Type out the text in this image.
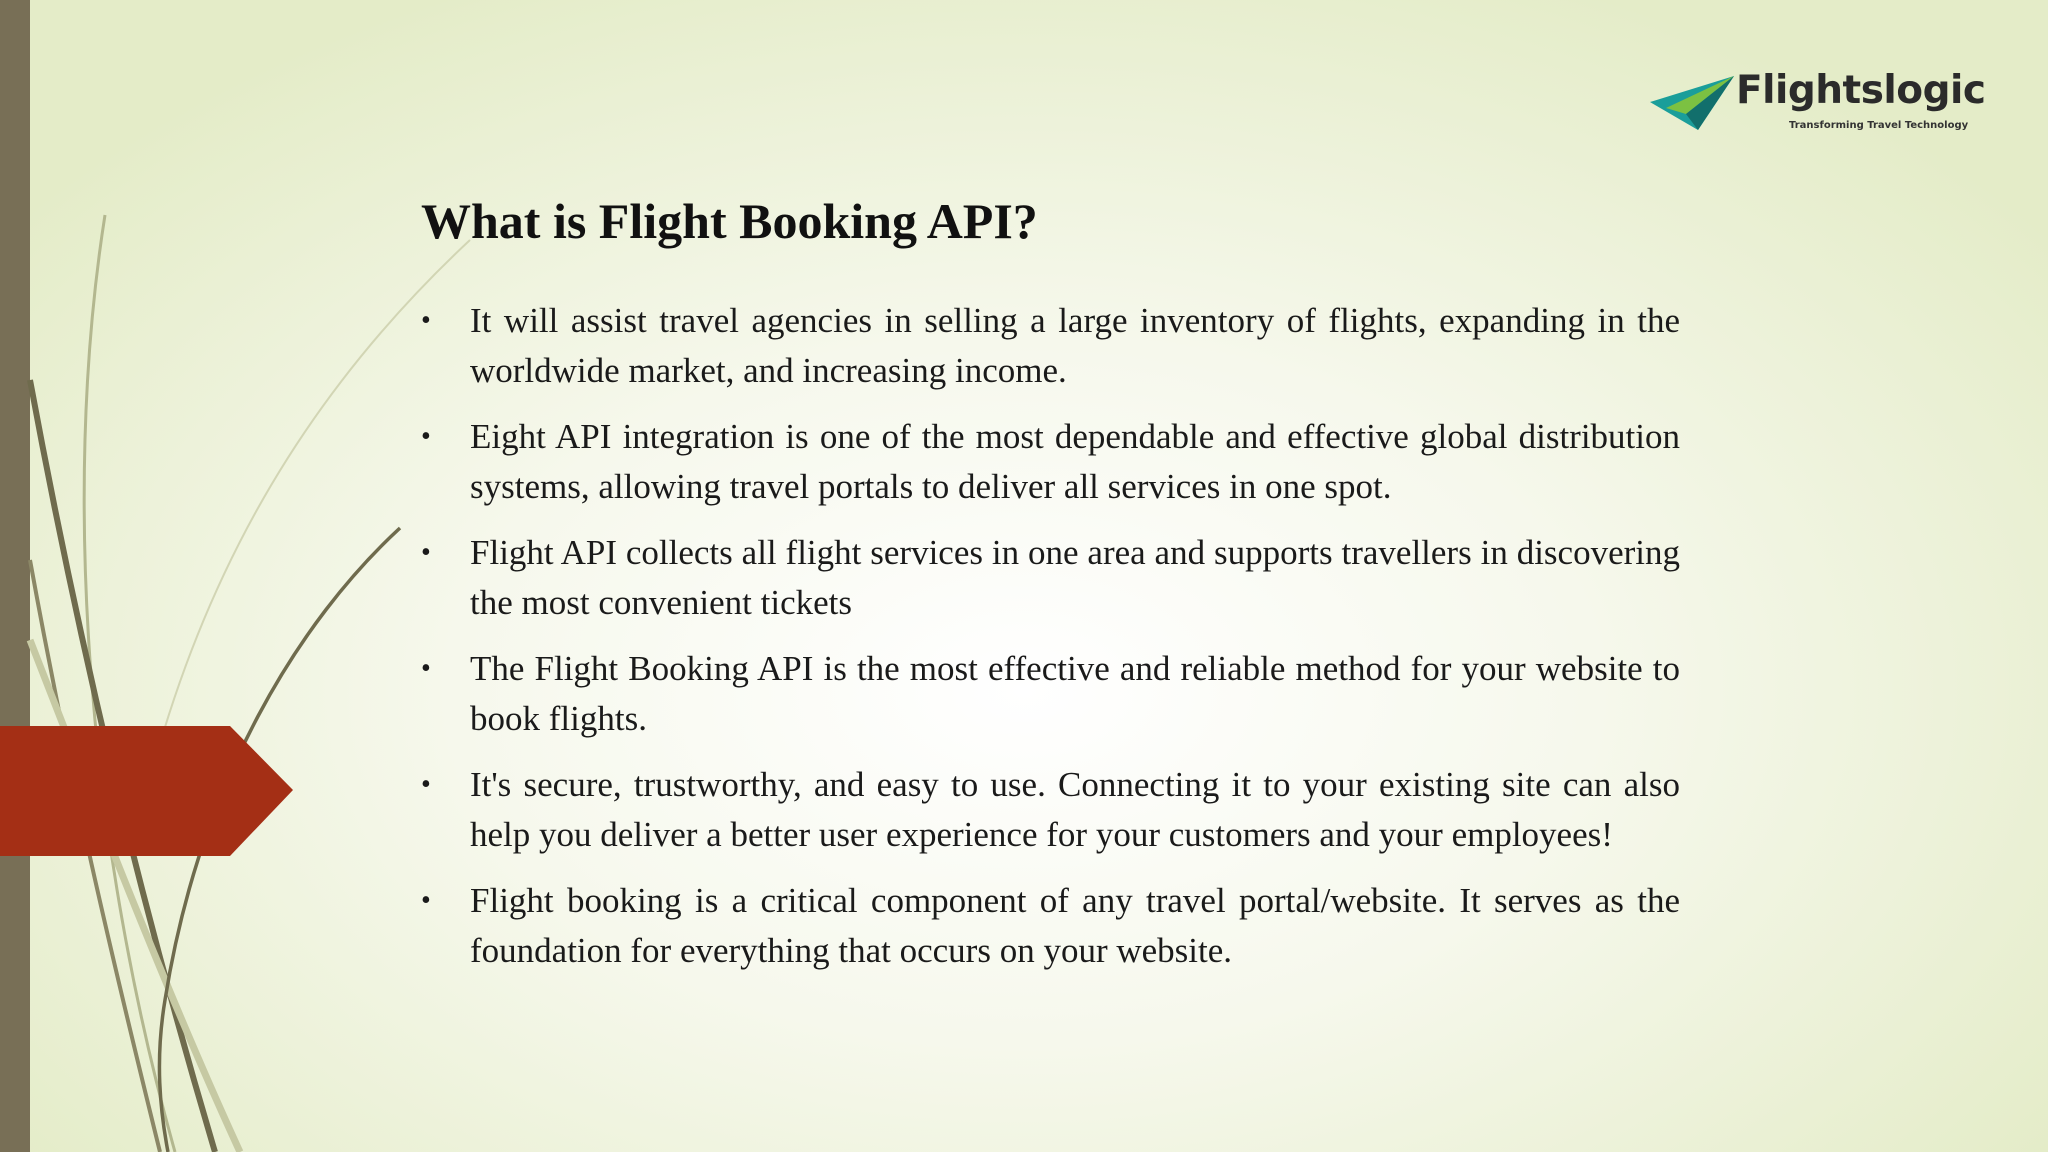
Flightslogic
Transforming Travel Technology
What is Flight Booking API?
• It will assist travel agencies in selling a large inventory of flights, expanding in the worldwide market, and increasing income.
• Eight API integration is one of the most dependable and effective global distribution systems, allowing travel portals to deliver all services in one spot.
• Flight API collects all flight services in one area and supports travellers in discovering the most convenient tickets
• The Flight Booking API is the most effective and reliable method for your website to book flights.
• It's secure, trustworthy, and easy to use. Connecting it to your existing site can also help you deliver a better user experience for your customers and your employees!
• Flight booking is a critical component of any travel portal/website. It serves as the foundation for everything that occurs on your website.
